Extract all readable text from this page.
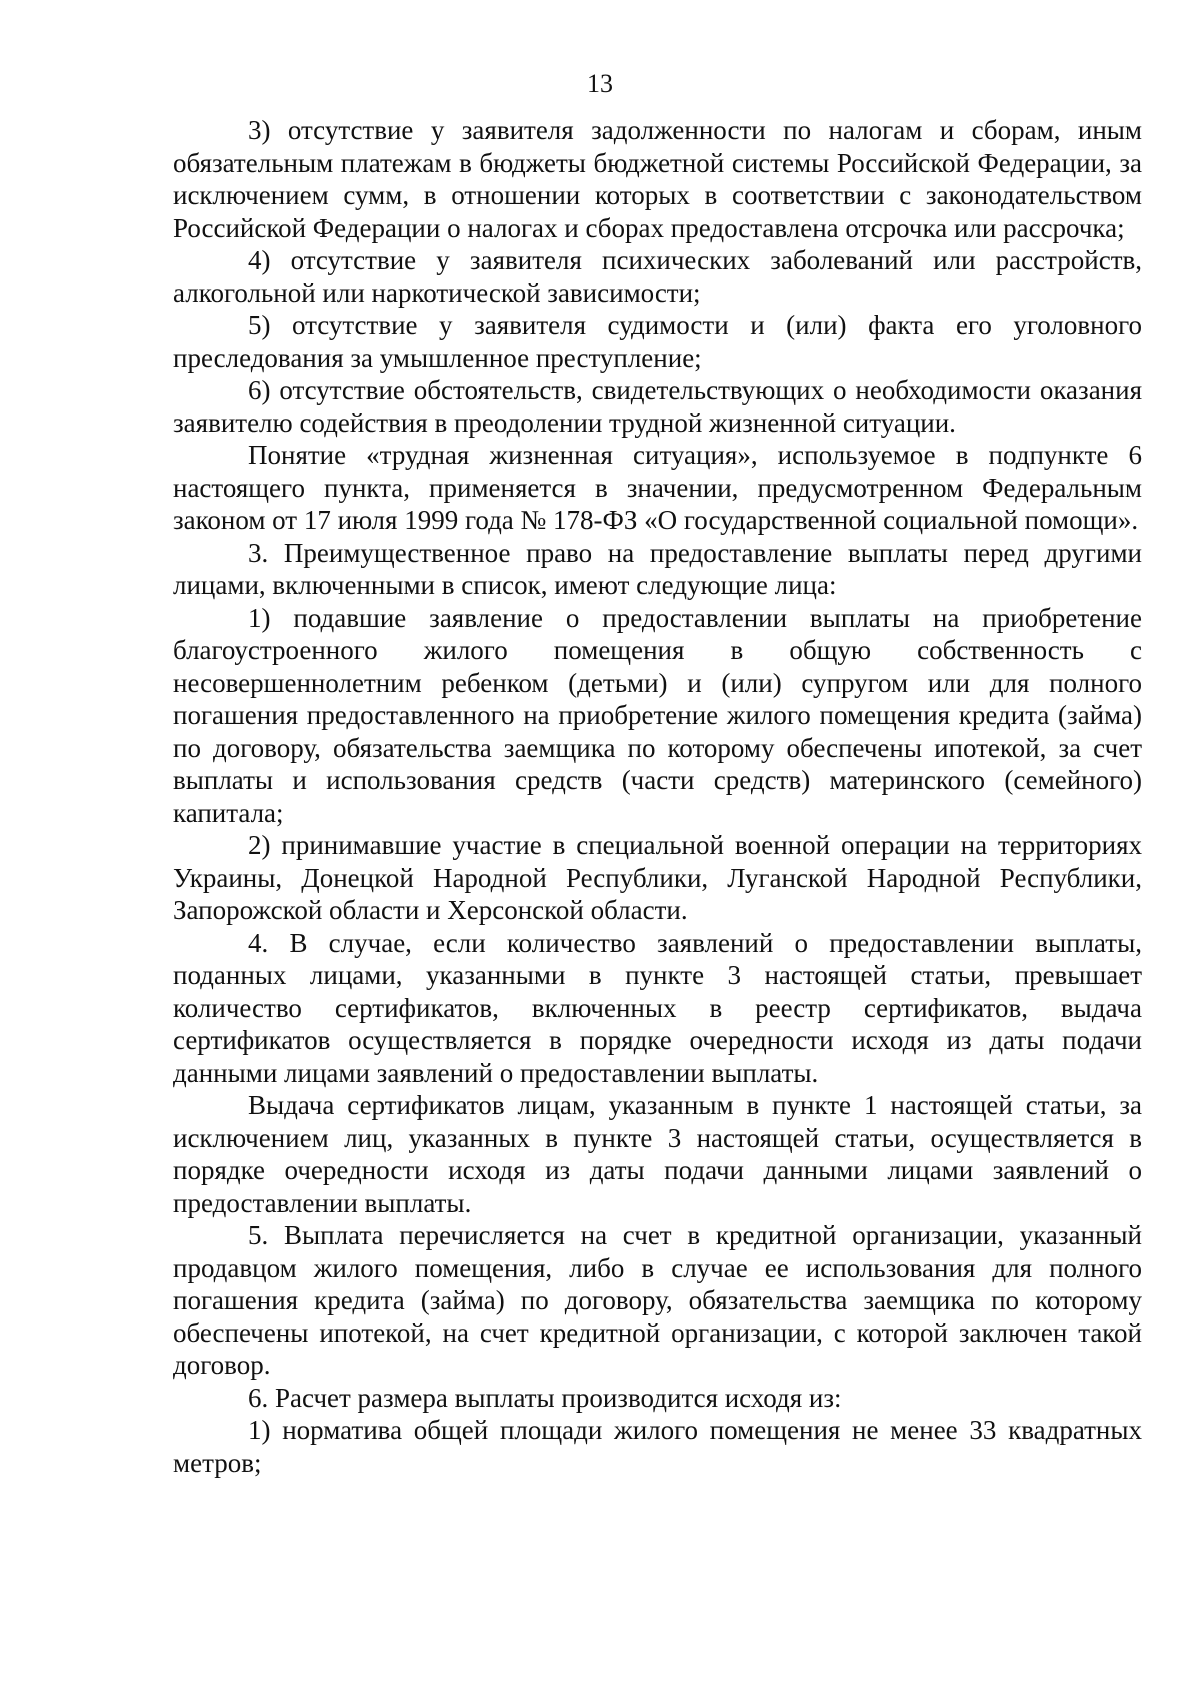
13

3) отсутствие у заявителя задолженности по налогам и сборам, иным обязательным платежам в бюджеты бюджетной системы Российской Федерации, за исключением сумм, в отношении которых в соответствии с законодательством Российской Федерации о налогах и сборах предоставлена отсрочка или рассрочка;

4) отсутствие у заявителя психических заболеваний или расстройств, алкогольной или наркотической зависимости;

5) отсутствие у заявителя судимости и (или) факта его уголовного преследования за умышленное преступление;

6) отсутствие обстоятельств, свидетельствующих о необходимости оказания заявителю содействия в преодолении трудной жизненной ситуации.

Понятие «трудная жизненная ситуация», используемое в подпункте 6 настоящего пункта, применяется в значении, предусмотренном Федеральным законом от 17 июля 1999 года № 178-ФЗ «О государственной социальной помощи».

3. Преимущественное право на предоставление выплаты перед другими лицами, включенными в список, имеют следующие лица:

1) подавшие заявление о предоставлении выплаты на приобретение благоустроенного жилого помещения в общую собственность с несовершеннолетним ребенком (детьми) и (или) супругом или для полного погашения предоставленного на приобретение жилого помещения кредита (займа) по договору, обязательства заемщика по которому обеспечены ипотекой, за счет выплаты и использования средств (части средств) материнского (семейного) капитала;

2) принимавшие участие в специальной военной операции на территориях Украины, Донецкой Народной Республики, Луганской Народной Республики, Запорожской области и Херсонской области.

4. В случае, если количество заявлений о предоставлении выплаты, поданных лицами, указанными в пункте 3 настоящей статьи, превышает количество сертификатов, включенных в реестр сертификатов, выдача сертификатов осуществляется в порядке очередности исходя из даты подачи данными лицами заявлений о предоставлении выплаты.

Выдача сертификатов лицам, указанным в пункте 1 настоящей статьи, за исключением лиц, указанных в пункте 3 настоящей статьи, осуществляется в порядке очередности исходя из даты подачи данными лицами заявлений о предоставлении выплаты.

5. Выплата перечисляется на счет в кредитной организации, указанный продавцом жилого помещения, либо в случае ее использования для полного погашения кредита (займа) по договору, обязательства заемщика по которому обеспечены ипотекой, на счет кредитной организации, с которой заключен такой договор.

6. Расчет размера выплаты производится исходя из:

1) норматива общей площади жилого помещения не менее 33 квадратных метров;
